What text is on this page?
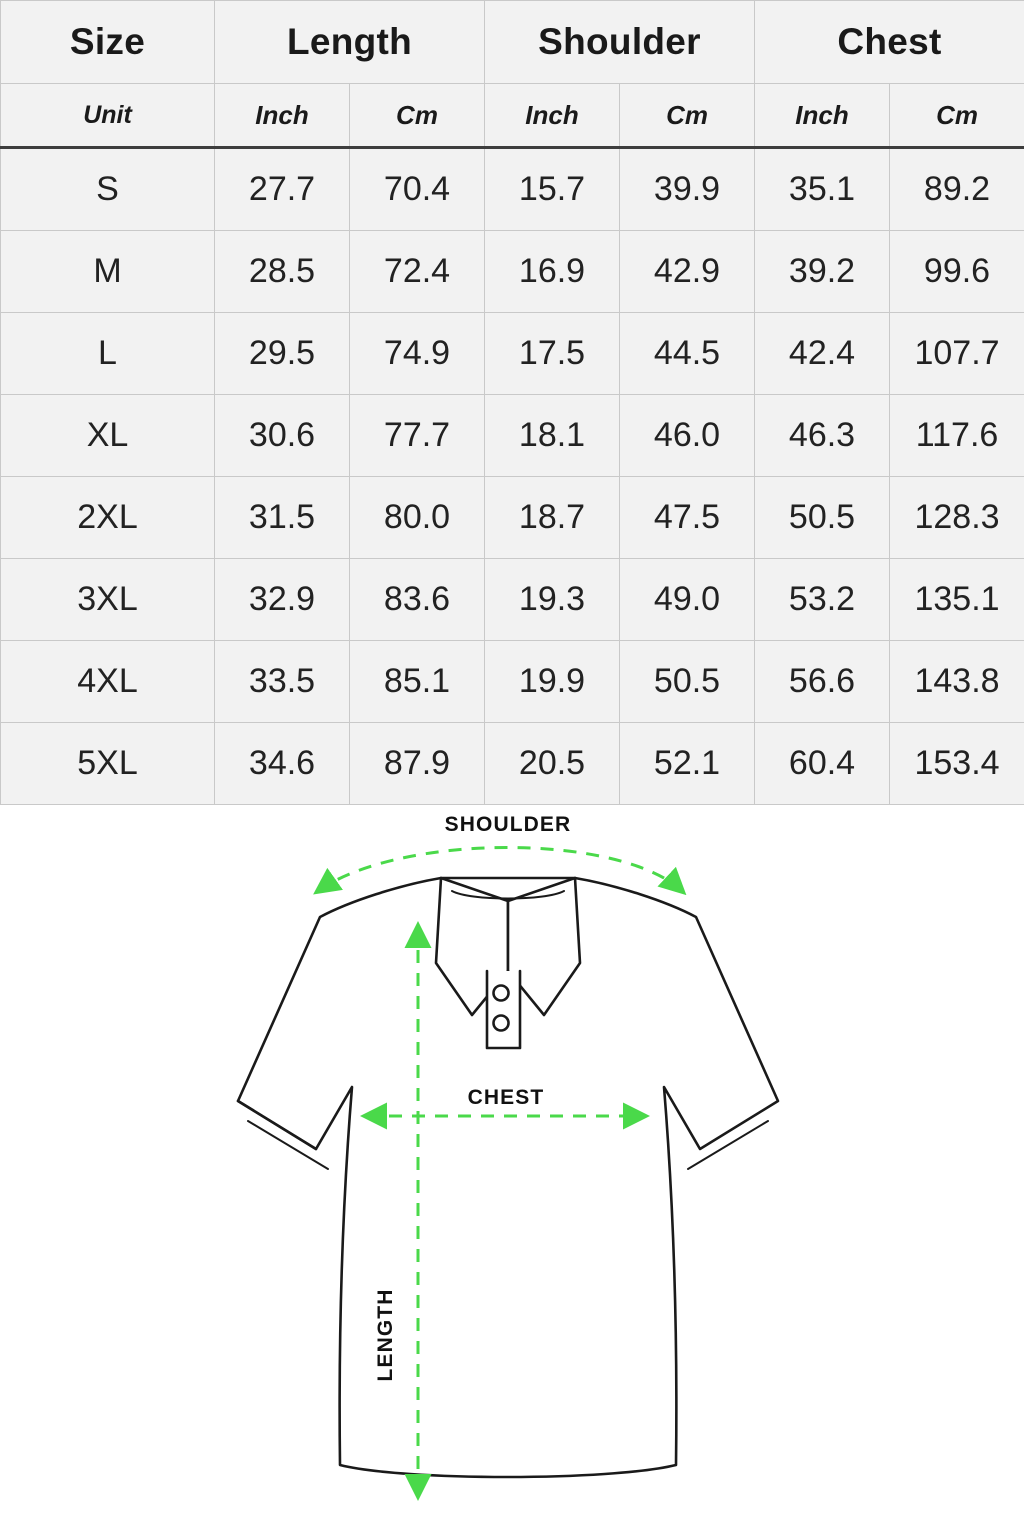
Size	Length		Shoulder		Chest	
Unit	Inch	Cm	Inch	Cm	Inch	Cm
S	27.7	70.4	15.7	39.9	35.1	89.2
M	28.5	72.4	16.9	42.9	39.2	99.6
L	29.5	74.9	17.5	44.5	42.4	107.7
XL	30.6	77.7	18.1	46.0	46.3	117.6
2XL	31.5	80.0	18.7	47.5	50.5	128.3
3XL	32.9	83.6	19.3	49.0	53.2	135.1
4XL	33.5	85.1	19.9	50.5	56.6	143.8
5XL	34.6	87.9	20.5	52.1	60.4	153.4
SHOULDER
CHEST
LENGTH
